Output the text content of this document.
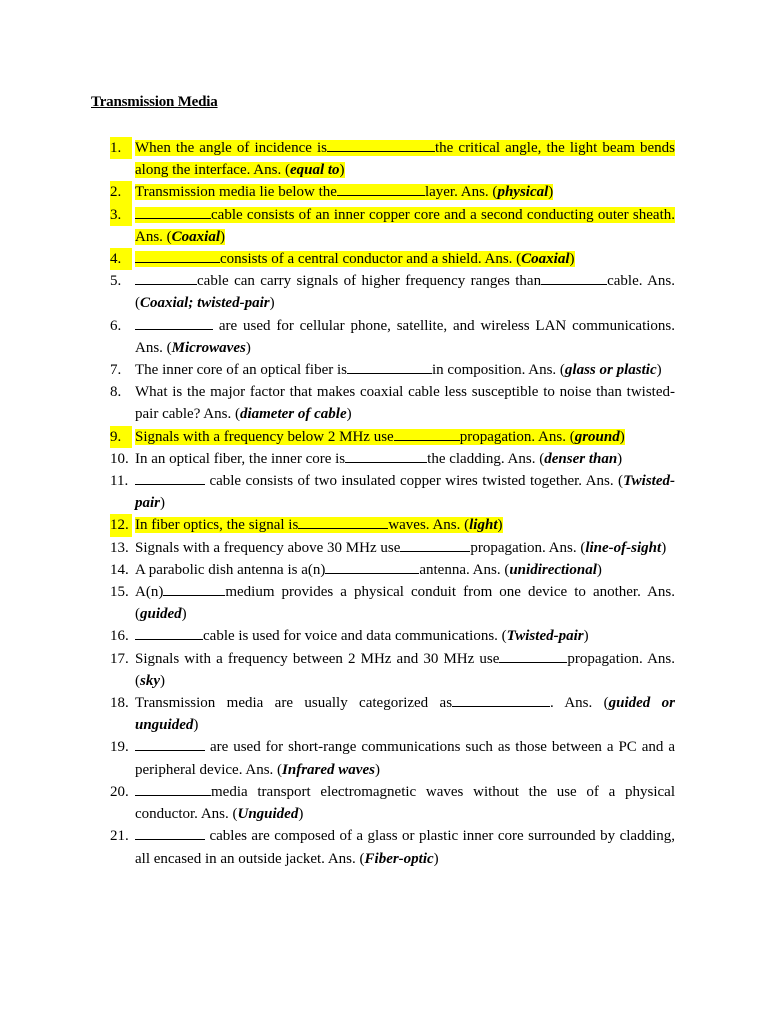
Transmission Media
1. When the angle of incidence is	the critical angle, the light beam bends along the interface. Ans. (equal to)
2. Transmission media lie below the	layer. Ans. (physical)
3.	cable consists of an inner copper core and a second conducting outer sheath. Ans. (Coaxial)
4.	consists of a central conductor and a shield. Ans. (Coaxial)
5.	cable can carry signals of higher frequency ranges than	cable. Ans. (Coaxial; twisted-pair)
6.	are used for cellular phone, satellite, and wireless LAN communications. Ans. (Microwaves)
7. The inner core of an optical fiber is	in composition. Ans. (glass or plastic)
8. What is the major factor that makes coaxial cable less susceptible to noise than twisted-pair cable? Ans. (diameter of cable)
9. Signals with a frequency below 2 MHz use	propagation. Ans. (ground)
10. In an optical fiber, the inner core is	the cladding. Ans. (denser than)
11.	cable consists of two insulated copper wires twisted together. Ans. (Twisted-pair)
12. In fiber optics, the signal is	waves. Ans. (light)
13. Signals with a frequency above 30 MHz use	propagation. Ans. (line-of-sight)
14. A parabolic dish antenna is a(n)	antenna. Ans. (unidirectional)
15. A(n)	medium provides a physical conduit from one device to another. Ans. (guided)
16.	cable is used for voice and data communications. (Twisted-pair)
17. Signals with a frequency between 2 MHz and 30 MHz use	propagation. Ans. (sky)
18. Transmission media are usually categorized as	. Ans. (guided or unguided)
19.	are used for short-range communications such as those between a PC and a peripheral device. Ans. (Infrared waves)
20.	media transport electromagnetic waves without the use of a physical conductor. Ans. (Unguided)
21.	cables are composed of a glass or plastic inner core surrounded by cladding, all encased in an outside jacket. Ans. (Fiber-optic)
